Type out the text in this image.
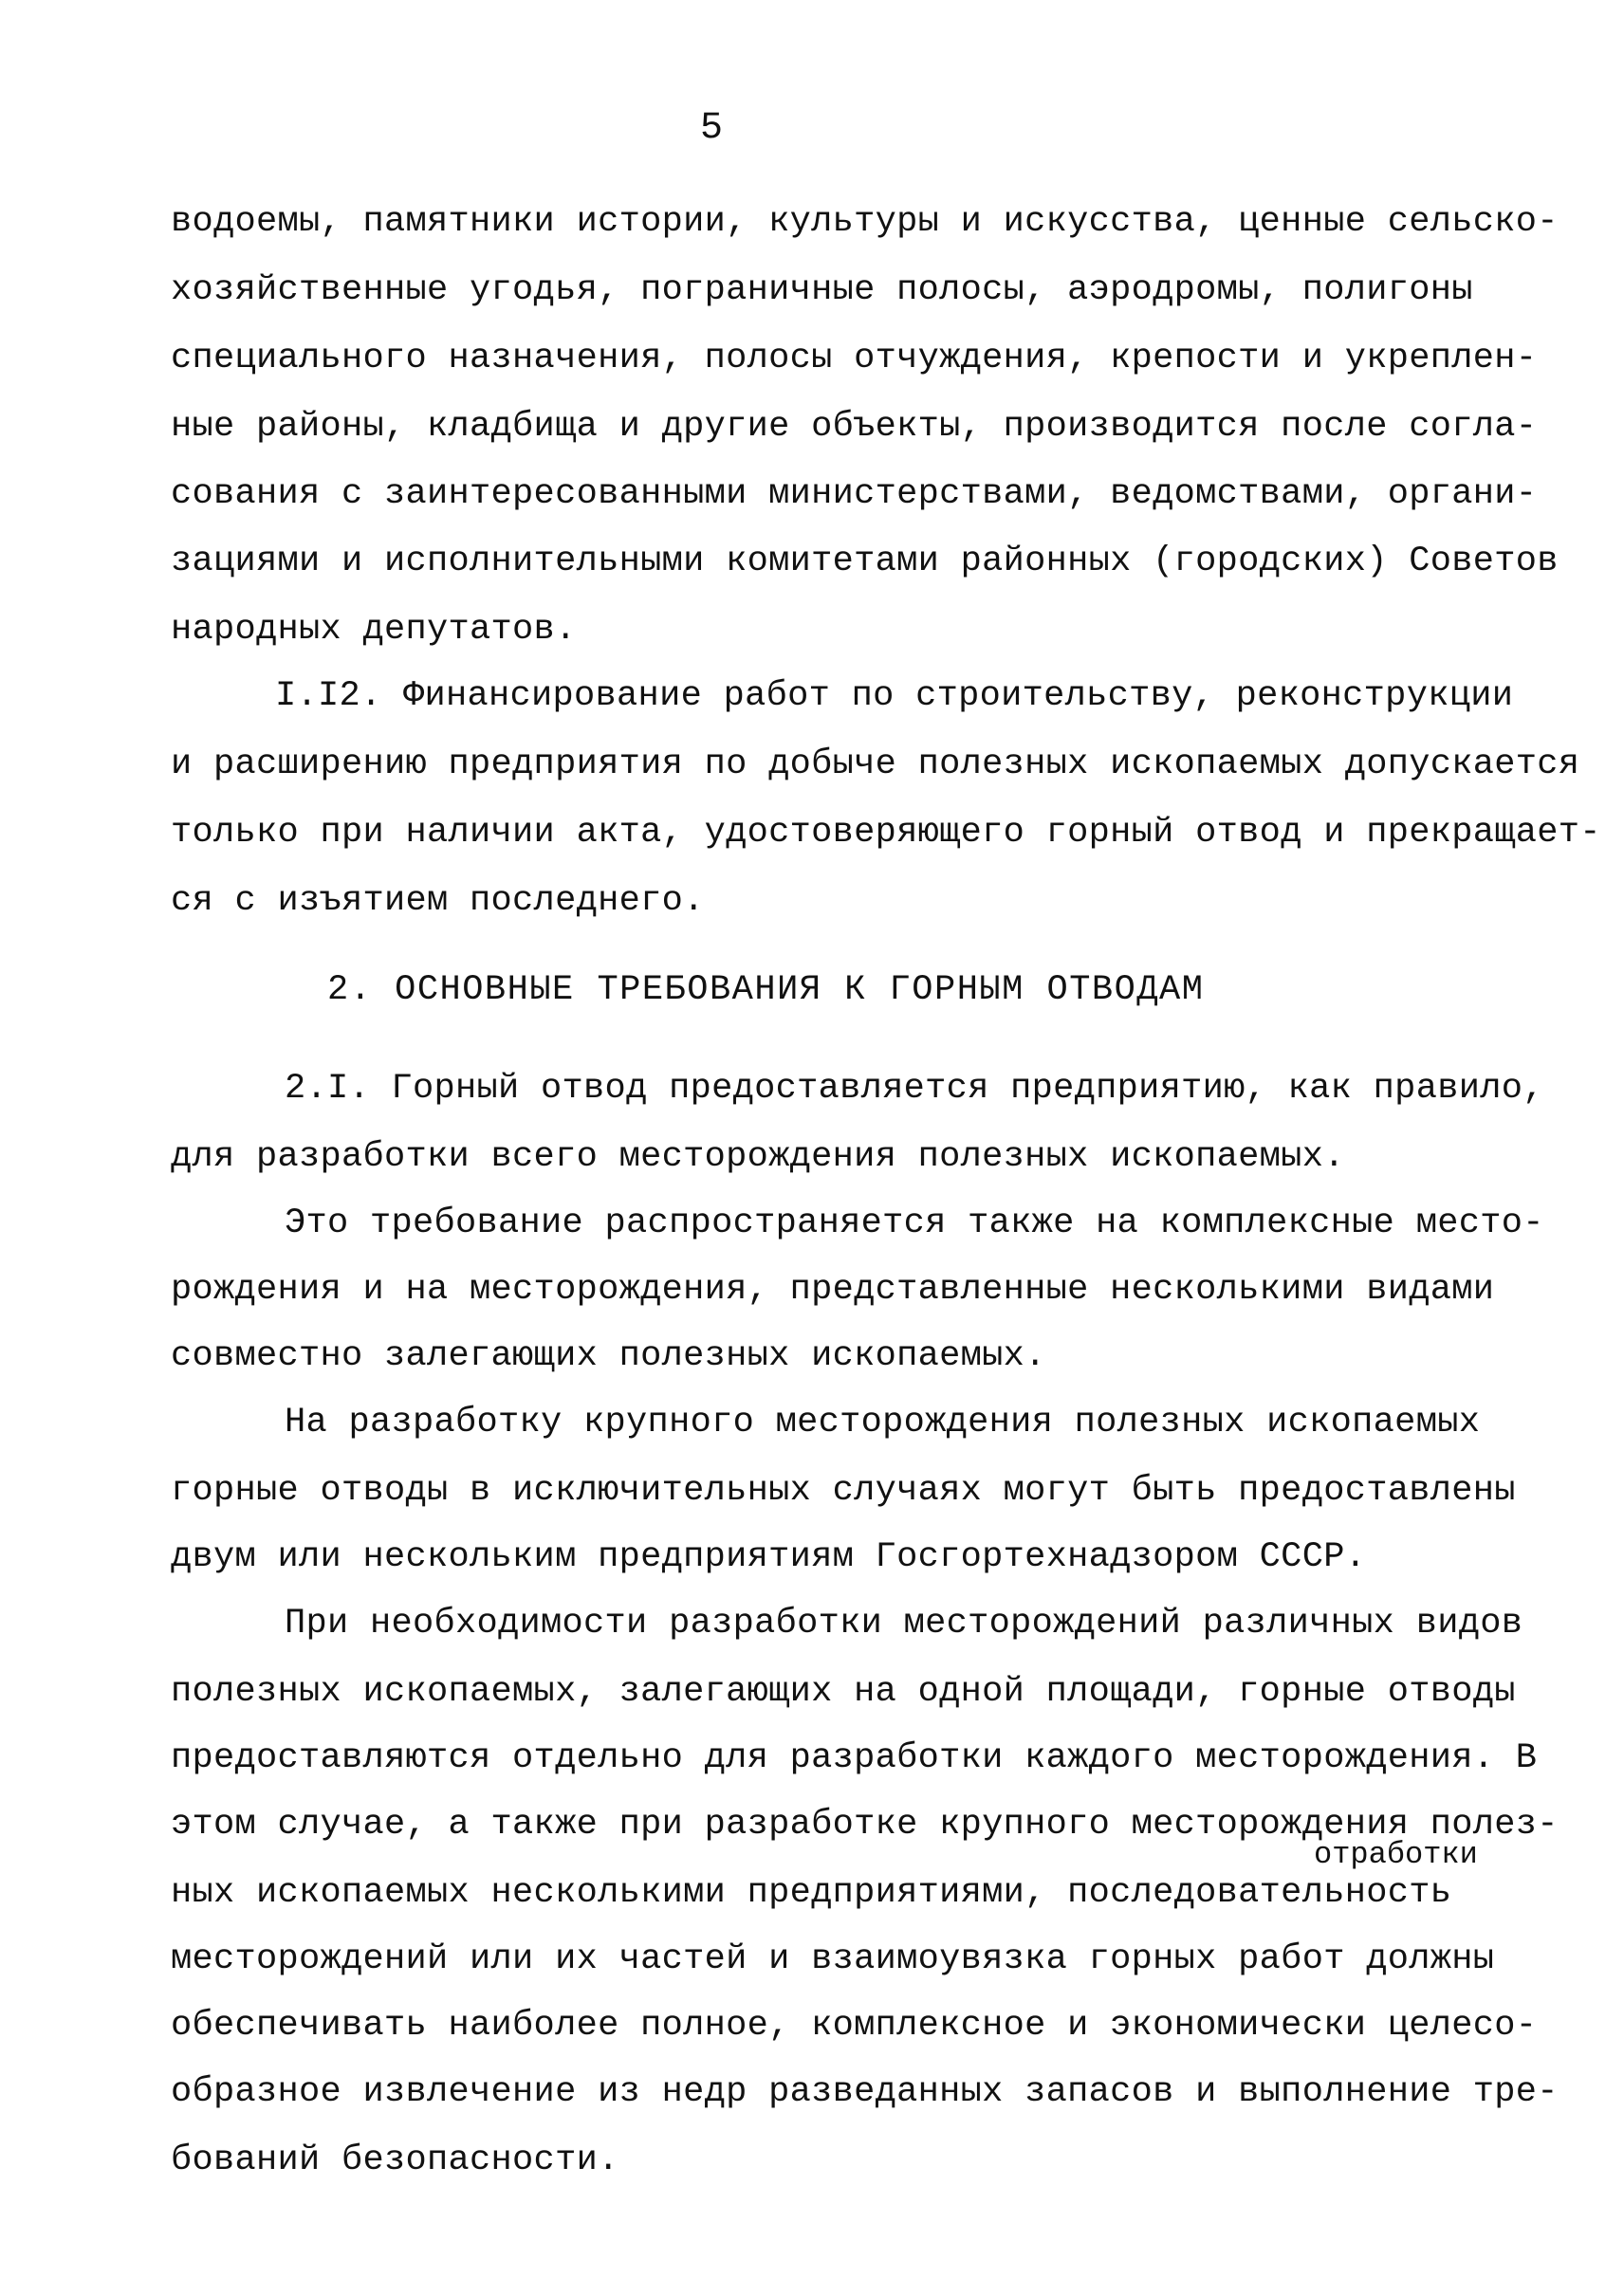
5
водоемы, памятники истории, культуры и искусства, ценные сельско-
хозяйственные угодья, пограничные полосы, аэродромы, полигоны
специального назначения, полосы отчуждения, крепости и укреплен-
ные районы, кладбища и другие объекты, производится после согла-
сования с заинтересованными министерствами, ведомствами, органи-
зациями и исполнительными комитетами районных (городских) Советов
народных депутатов.
I.I2. Финансирование работ по строительству, реконструкции
и расширению предприятия по добыче полезных ископаемых допускается
только при наличии акта, удостоверяющего горный отвод и прекращает-
ся с изъятием последнего.
2. ОСНОВНЫЕ ТРЕБОВАНИЯ К ГОРНЫМ ОТВОДАМ
2.I. Горный отвод предоставляется предприятию, как правило,
для разработки всего месторождения полезных ископаемых.
Это требование распространяется также на комплексные место-
рождения и на месторождения, представленные несколькими видами
совместно залегающих полезных ископаемых.
На разработку крупного месторождения полезных ископаемых
горные отводы в исключительных случаях могут быть предоставлены
двум или нескольким предприятиям Госгортехнадзором СССР.
При необходимости разработки месторождений различных видов
полезных ископаемых, залегающих на одной площади, горные отводы
предоставляются отдельно для разработки каждого месторождения. В
этом случае, а также при разработке крупного месторождения полез-
отработки
ных ископаемых несколькими предприятиями, последовательность
месторождений или их частей и взаимоувязка горных работ должны
обеспечивать наиболее полное, комплексное и экономически целесо-
образное извлечение из недр разведанных запасов и выполнение тре-
бований безопасности.
